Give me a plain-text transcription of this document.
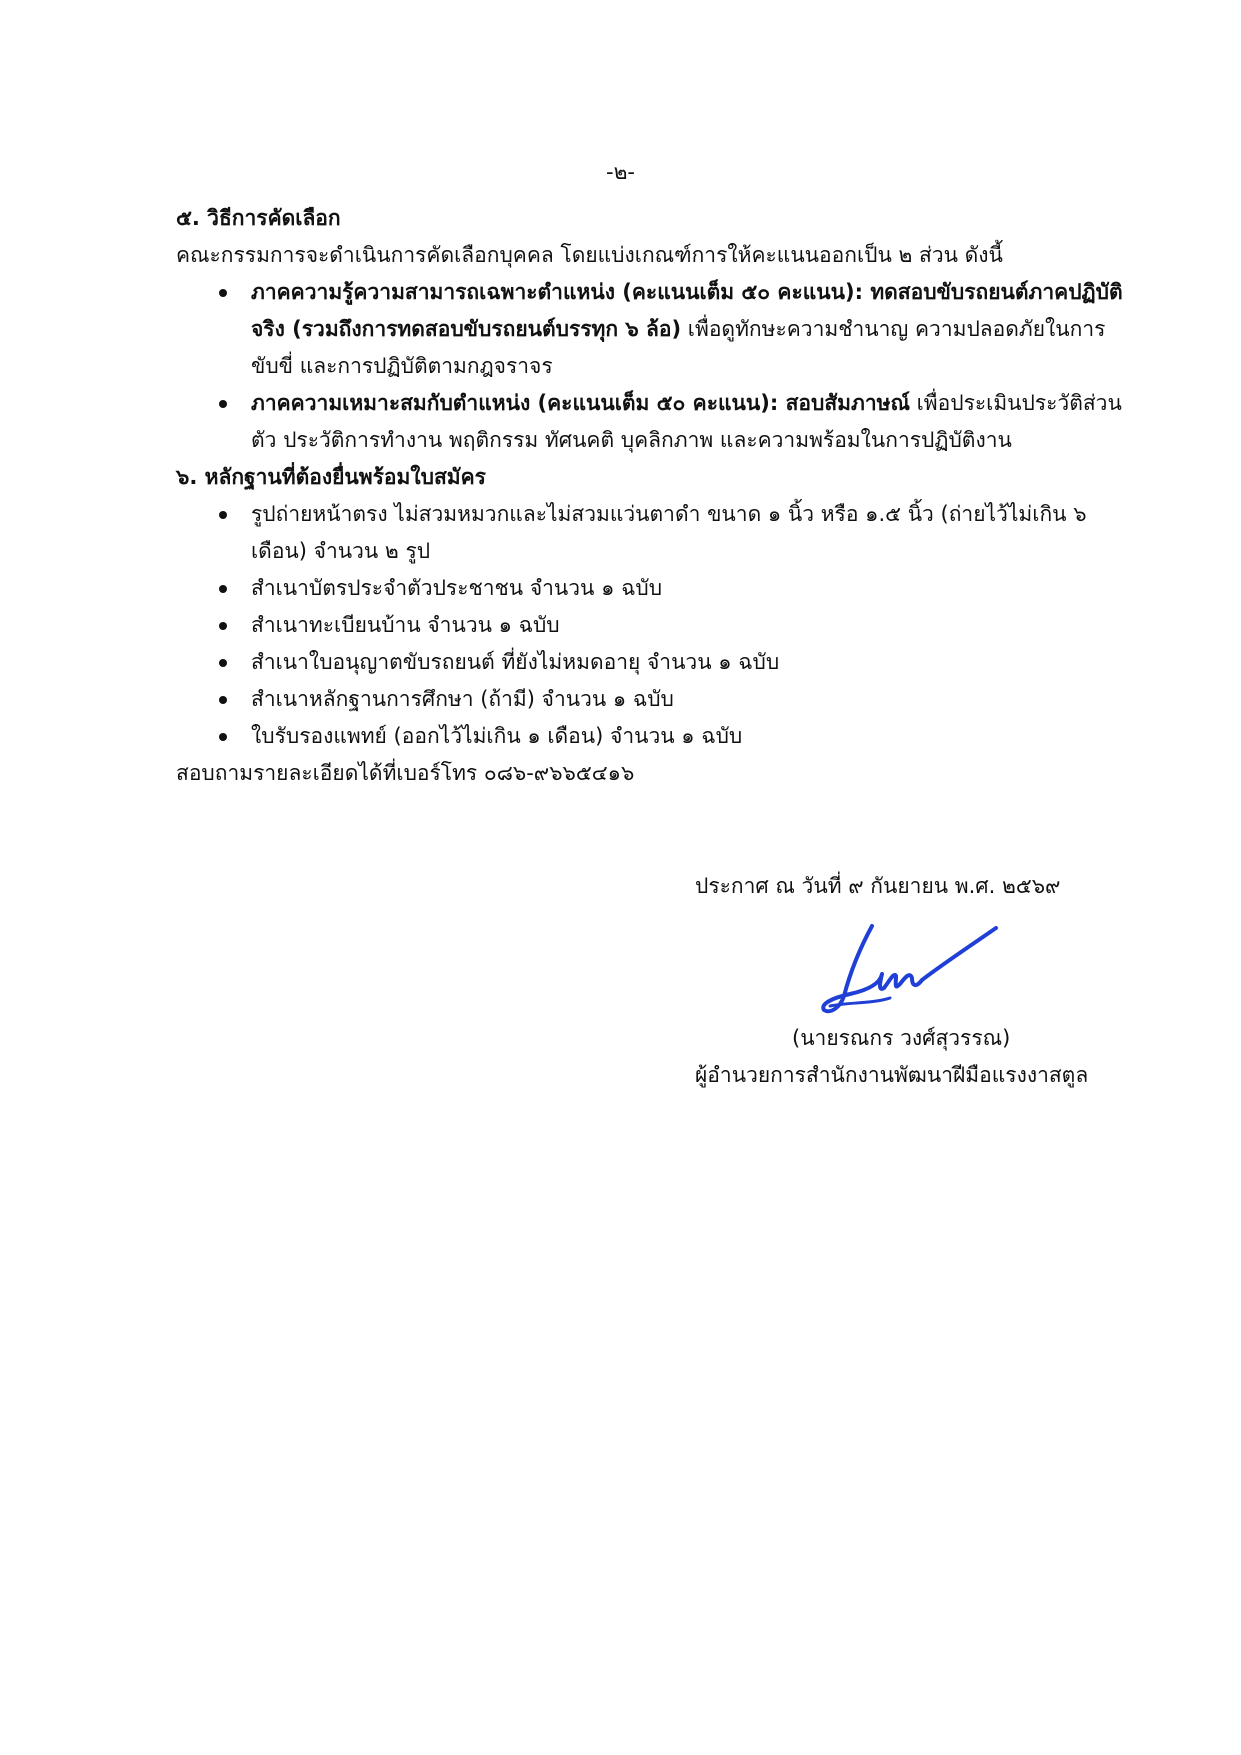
-๒-

๕. วิธีการคัดเลือก

คณะกรรมการจะดำเนินการคัดเลือกบุคคล โดยแบ่งเกณฑ์การให้คะแนนออกเป็น ๒ ส่วน ดังนี้

ภาคความรู้ความสามารถเฉพาะตำแหน่ง (คะแนนเต็ม ๕๐ คะแนน): ทดสอบขับรถยนต์ภาคปฏิบัติจริง (รวมถึงการทดสอบขับรถยนต์บรรทุก ๖ ล้อ) เพื่อดูทักษะความชำนาญ ความปลอดภัยในการขับขี่ และการปฏิบัติตามกฎจราจร
ภาคความเหมาะสมกับตำแหน่ง (คะแนนเต็ม ๕๐ คะแนน): สอบสัมภาษณ์ เพื่อประเมินประวัติส่วนตัว ประวัติการทำงาน พฤติกรรม ทัศนคติ บุคลิกภาพ และความพร้อมในการปฏิบัติงาน

๖. หลักฐานที่ต้องยื่นพร้อมใบสมัคร

รูปถ่ายหน้าตรง ไม่สวมหมวกและไม่สวมแว่นตาดำ ขนาด ๑ นิ้ว หรือ ๑.๕ นิ้ว (ถ่ายไว้ไม่เกิน ๖ เดือน) จำนวน ๒ รูป
สำเนาบัตรประจำตัวประชาชน จำนวน ๑ ฉบับ
สำเนาทะเบียนบ้าน จำนวน ๑ ฉบับ
สำเนาใบอนุญาตขับรถยนต์ ที่ยังไม่หมดอายุ จำนวน ๑ ฉบับ
สำเนาหลักฐานการศึกษา (ถ้ามี) จำนวน ๑ ฉบับ
ใบรับรองแพทย์ (ออกไว้ไม่เกิน ๑ เดือน) จำนวน ๑ ฉบับ

สอบถามรายละเอียดได้ที่เบอร์โทร ๐๘๖-๙๖๖๕๔๑๖

ประกาศ ณ วันที่ ๙ กันยายน พ.ศ. ๒๕๖๙
(นายรณกร วงศ์สุวรรณ)
ผู้อำนวยการสำนักงานพัฒนาฝีมือแรงงาสตูล
